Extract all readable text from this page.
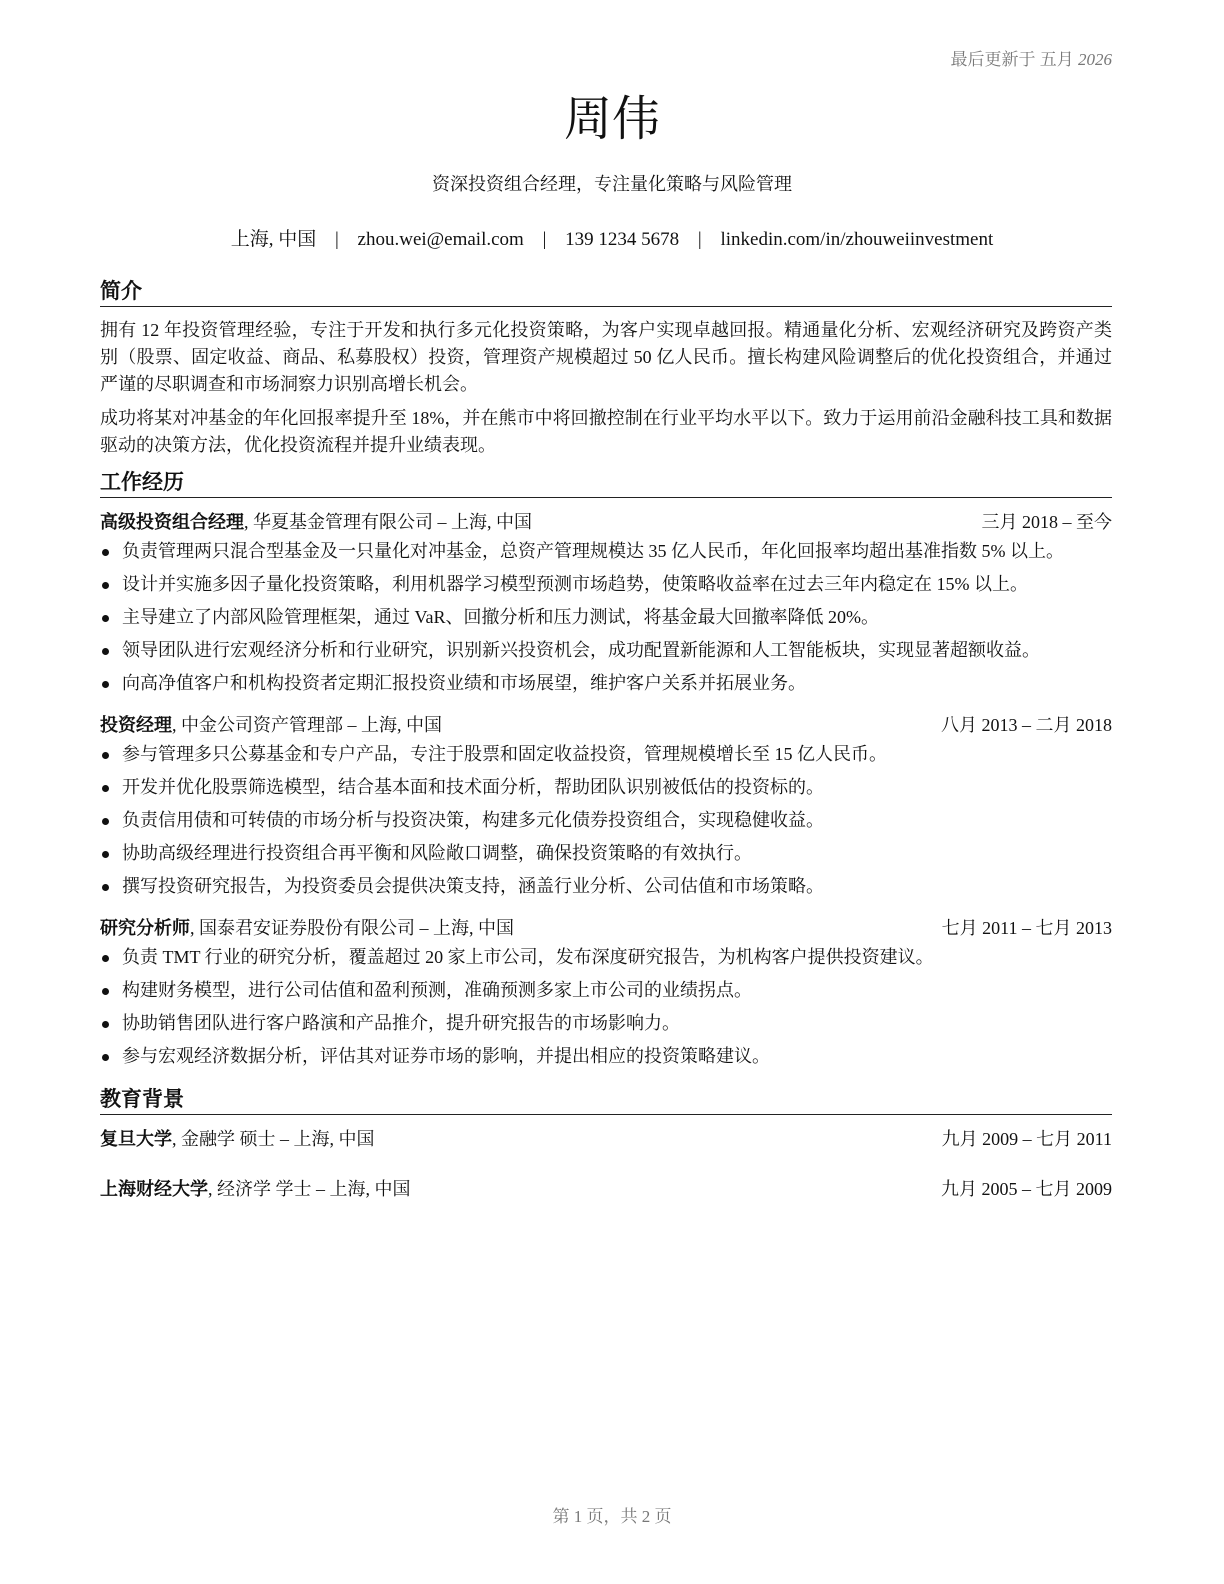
最后更新于 五月 2026
周伟
资深投资组合经理，专注量化策略与风险管理
上海, 中国 | zhou.wei@email.com | 139 1234 5678 | linkedin.com/in/zhouweiinvestment
简介

拥有 12 年投资管理经验，专注于开发和执行多元化投资策略，为客户实现卓越回报。精通量化分析、宏观经济研究及跨资产类别（股票、固定收益、商品、私募股权）投资，管理资产规模超过 50 亿人民币。擅长构建风险调整后的优化投资组合，并通过严谨的尽职调查和市场洞察力识别高增长机会。

成功将某对冲基金的年化回报率提升至 18%，并在熊市中将回撤控制在行业平均水平以下。致力于运用前沿金融科技工具和数据驱动的决策方法，优化投资流程并提升业绩表现。

工作经历
高级投资组合经理, 华夏基金管理有限公司 – 上海, 中国	三月 2018 – 至今
负责管理两只混合型基金及一只量化对冲基金，总资产管理规模达 35 亿人民币，年化回报率均超出基准指数 5% 以上。
设计并实施多因子量化投资策略，利用机器学习模型预测市场趋势，使策略收益率在过去三年内稳定在 15% 以上。
主导建立了内部风险管理框架，通过 VaR、回撤分析和压力测试，将基金最大回撤率降低 20%。
领导团队进行宏观经济分析和行业研究，识别新兴投资机会，成功配置新能源和人工智能板块，实现显著超额收益。
向高净值客户和机构投资者定期汇报投资业绩和市场展望，维护客户关系并拓展业务。
投资经理, 中金公司资产管理部 – 上海, 中国	八月 2013 – 二月 2018
参与管理多只公募基金和专户产品，专注于股票和固定收益投资，管理规模增长至 15 亿人民币。
开发并优化股票筛选模型，结合基本面和技术面分析，帮助团队识别被低估的投资标的。
负责信用债和可转债的市场分析与投资决策，构建多元化债券投资组合，实现稳健收益。
协助高级经理进行投资组合再平衡和风险敞口调整，确保投资策略的有效执行。
撰写投资研究报告，为投资委员会提供决策支持，涵盖行业分析、公司估值和市场策略。
研究分析师, 国泰君安证券股份有限公司 – 上海, 中国	七月 2011 – 七月 2013
负责 TMT 行业的研究分析，覆盖超过 20 家上市公司，发布深度研究报告，为机构客户提供投资建议。
构建财务模型，进行公司估值和盈利预测，准确预测多家上市公司的业绩拐点。
协助销售团队进行客户路演和产品推介，提升研究报告的市场影响力。
参与宏观经济数据分析，评估其对证券市场的影响，并提出相应的投资策略建议。
教育背景
复旦大学, 金融学 硕士 – 上海, 中国	九月 2009 – 七月 2011
上海财经大学, 经济学 学士 – 上海, 中国	九月 2005 – 七月 2009
第 1 页，共 2 页
